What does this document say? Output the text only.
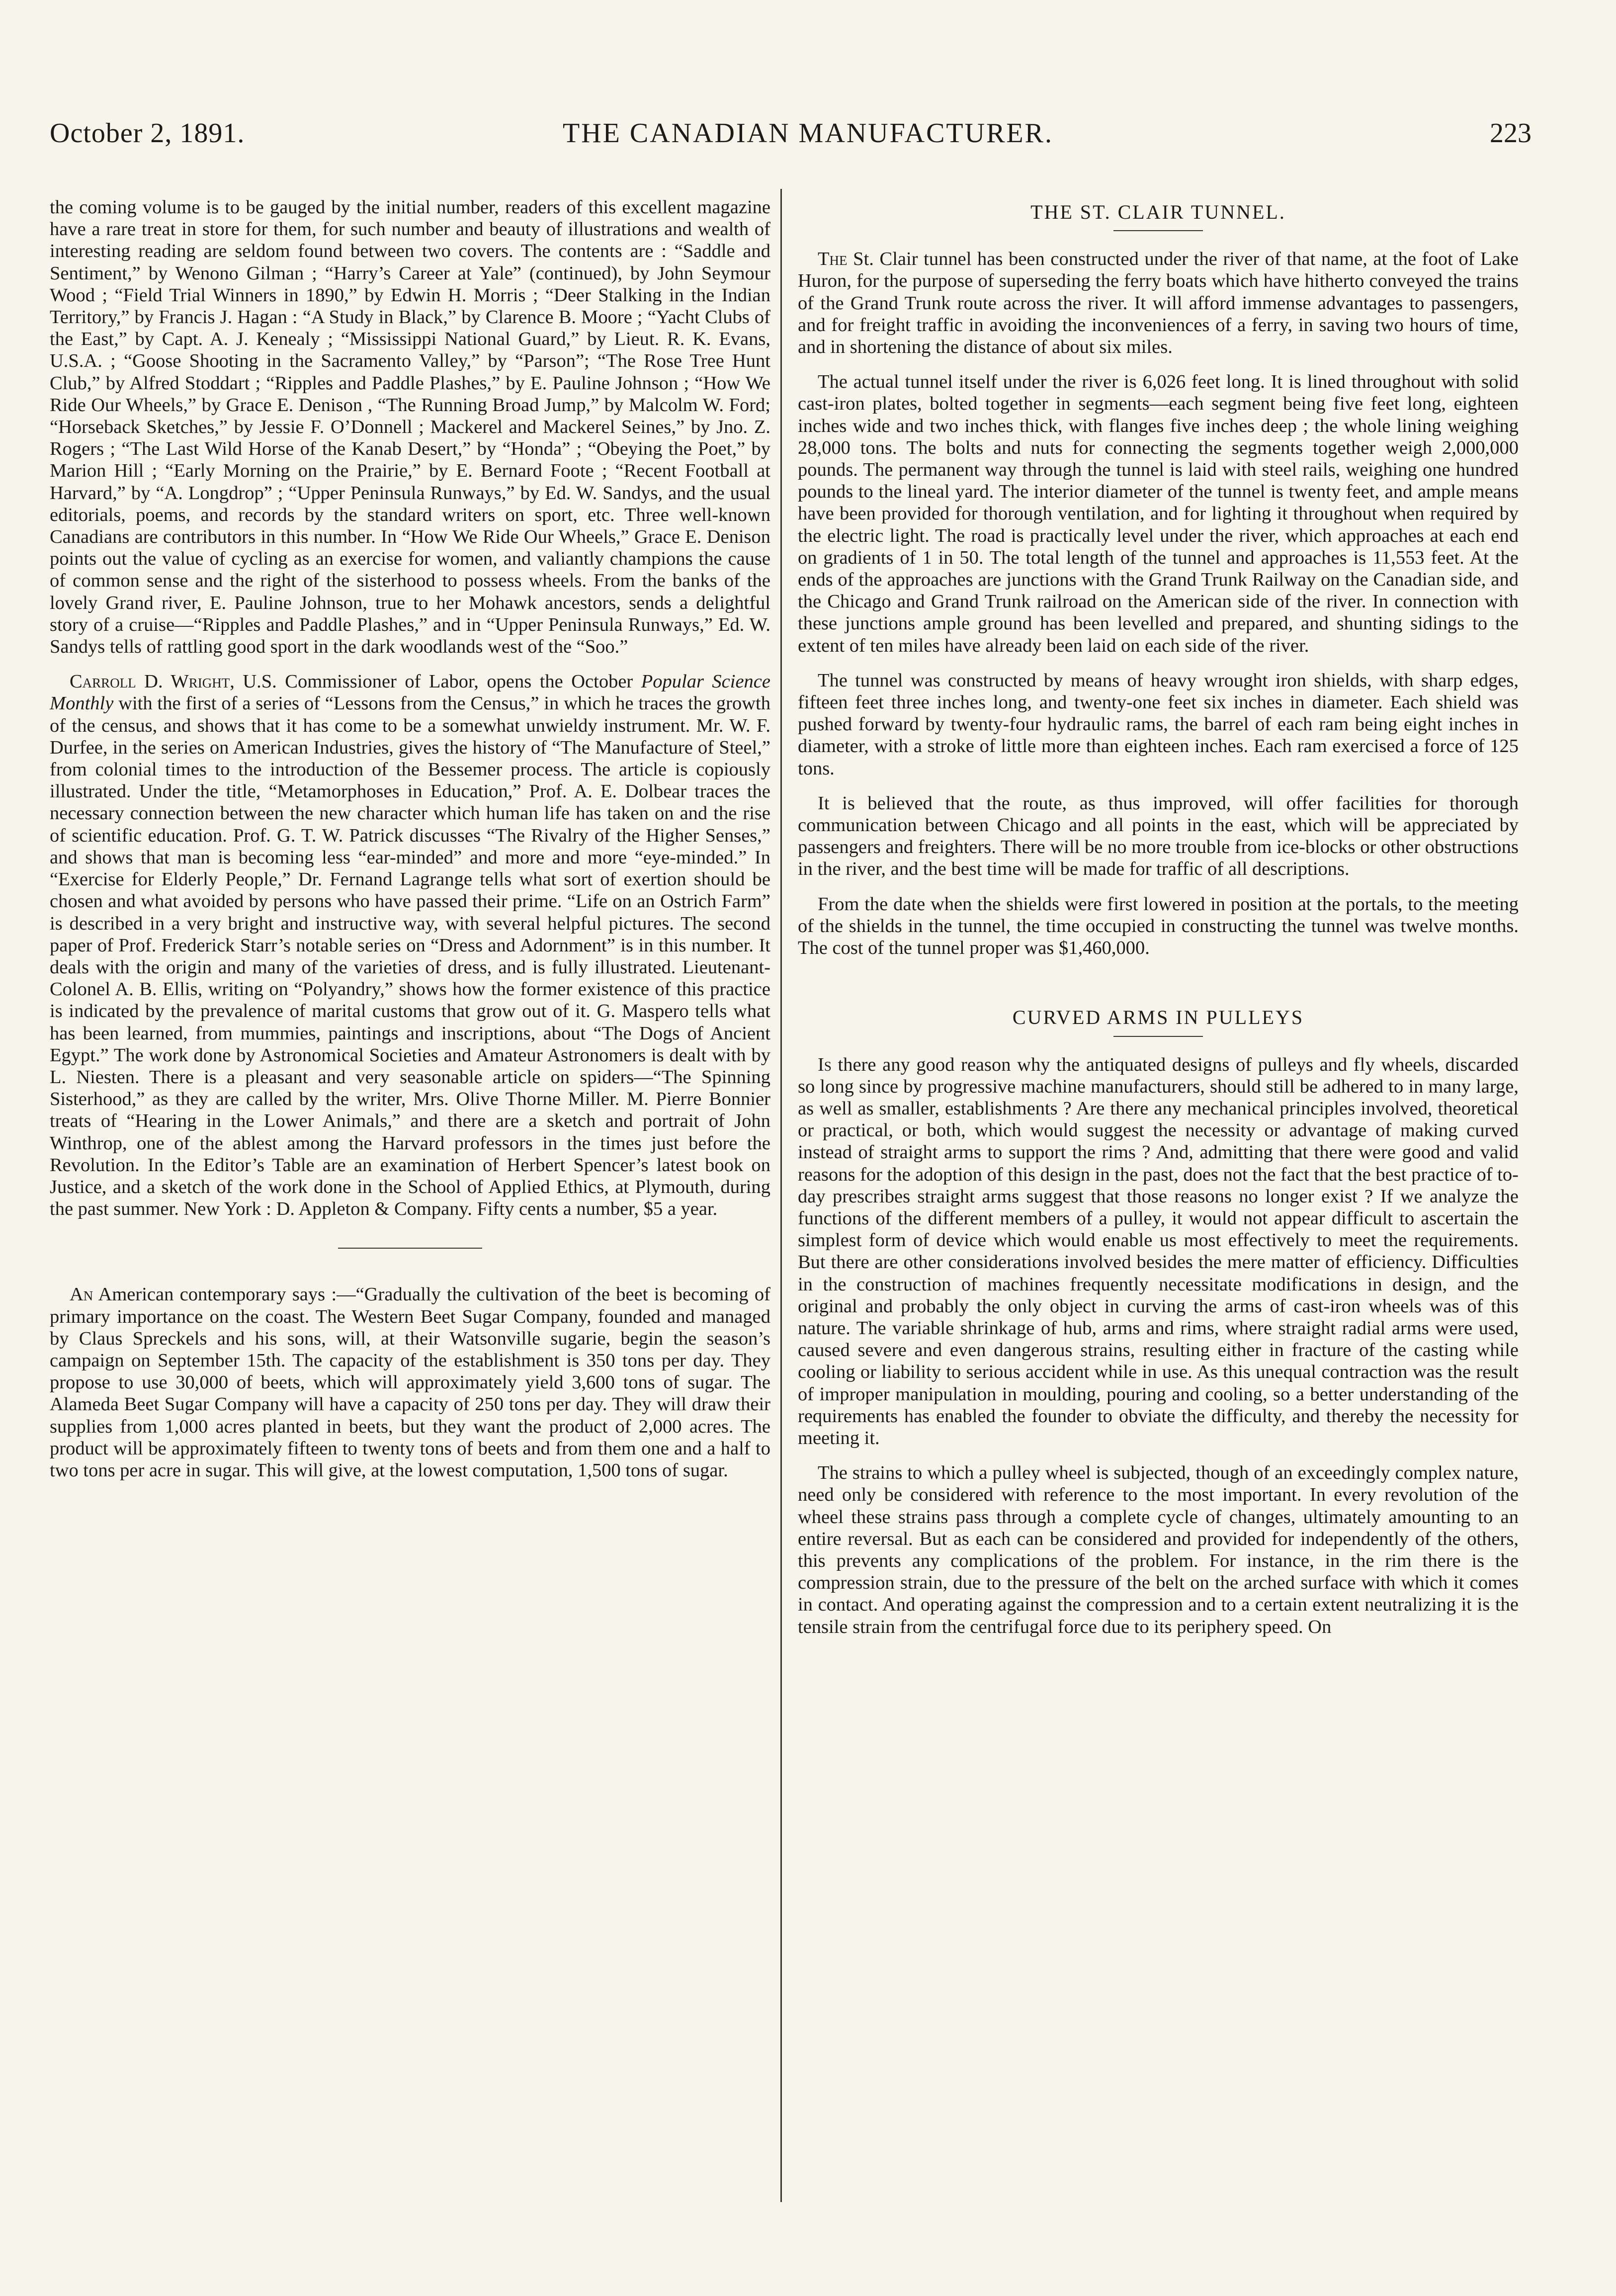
THE CANADIAN MANUFACTURER.
October 2, 1891.	223

the coming volume is to be gauged by the initial number, readers of this excellent magazine have a rare treat in store for them, for such number and beauty of illustrations and wealth of interesting reading are seldom found between two covers. The contents are : “Saddle and Sentiment,” by Wenono Gilman ; “Harry’s Career at Yale” (continued), by John Seymour Wood ; “Field Trial Winners in 1890,” by Edwin H. Morris ; “Deer Stalking in the Indian Territory,” by Francis J. Hagan : “A Study in Black,” by Clarence B. Moore ; “Yacht Clubs of the East,” by Capt. A. J. Kenealy ; “Mississippi National Guard,” by Lieut. R. K. Evans, U.S.A. ; “Goose Shooting in the Sacramento Valley,” by “Parson”; “The Rose Tree Hunt Club,” by Alfred Stoddart ; “Ripples and Paddle Plashes,” by E. Pauline Johnson ; “How We Ride Our Wheels,” by Grace E. Denison , “The Running Broad Jump,” by Malcolm W. Ford; “Horseback Sketches,” by Jessie F. O’Donnell ; Mackerel and Mackerel Seines,” by Jno. Z. Rogers ; “The Last Wild Horse of the Kanab Desert,” by “Honda” ; “Obeying the Poet,” by Marion Hill ; “Early Morning on the Prairie,” by E. Bernard Foote ; “Recent Football at Harvard,” by “A. Longdrop” ; “Upper Peninsula Runways,” by Ed. W. Sandys, and the usual editorials, poems, and records by the standard writers on sport, etc. Three well-known Canadians are contributors in this number. In “How We Ride Our Wheels,” Grace E. Denison points out the value of cycling as an exercise for women, and valiantly champions the cause of common sense and the right of the sisterhood to possess wheels. From the banks of the lovely Grand river, E. Pauline Johnson, true to her Mohawk ancestors, sends a delightful story of a cruise—“Ripples and Paddle Plashes,” and in “Upper Peninsula Runways,” Ed. W. Sandys tells of rattling good sport in the dark woodlands west of the “Soo.”

Carroll D. Wright, U.S. Commissioner of Labor, opens the October Popular Science Monthly with the first of a series of “Lessons from the Census,” in which he traces the growth of the census, and shows that it has come to be a somewhat unwieldy instrument. Mr. W. F. Durfee, in the series on American Industries, gives the history of “The Manufacture of Steel,” from colonial times to the introduction of the Bessemer process. The article is copiously illustrated. Under the title, “Metamorphoses in Education,” Prof. A. E. Dolbear traces the necessary connection between the new character which human life has taken on and the rise of scientific education. Prof. G. T. W. Patrick discusses “The Rivalry of the Higher Senses,” and shows that man is becoming less “ear-minded” and more and more “eye-minded.” In “Exercise for Elderly People,” Dr. Fernand Lagrange tells what sort of exertion should be chosen and what avoided by persons who have passed their prime. “Life on an Ostrich Farm” is described in a very bright and instructive way, with several helpful pictures. The second paper of Prof. Frederick Starr’s notable series on “Dress and Adornment” is in this number. It deals with the origin and many of the varieties of dress, and is fully illustrated. Lieutenant-Colonel A. B. Ellis, writing on “Polyandry,” shows how the former existence of this practice is indicated by the prevalence of marital customs that grow out of it. G. Maspero tells what has been learned, from mummies, paintings and inscriptions, about “The Dogs of Ancient Egypt.” The work done by Astronomical Societies and Amateur Astronomers is dealt with by L. Niesten. There is a pleasant and very seasonable article on spiders—“The Spinning Sisterhood,” as they are called by the writer, Mrs. Olive Thorne Miller. M. Pierre Bonnier treats of “Hearing in the Lower Animals,” and there are a sketch and portrait of John Winthrop, one of the ablest among the Harvard professors in the times just before the Revolution. In the Editor’s Table are an examination of Herbert Spencer’s latest book on Justice, and a sketch of the work done in the School of Applied Ethics, at Plymouth, during the past summer. New York : D. Appleton & Company. Fifty cents a number, $5 a year.

An American contemporary says :—“Gradually the cultivation of the beet is becoming of primary importance on the coast. The Western Beet Sugar Company, founded and managed by Claus Spreckels and his sons, will, at their Watsonville sugarie, begin the season’s campaign on September 15th. The capacity of the establishment is 350 tons per day. They propose to use 30,000 of beets, which will approximately yield 3,600 tons of sugar. The Alameda Beet Sugar Company will have a capacity of 250 tons per day. They will draw their supplies from 1,000 acres planted in beets, but they want the product of 2,000 acres. The product will be approximately fifteen to twenty tons of beets and from them one and a half to two tons per acre in sugar. This will give, at the lowest computation, 1,500 tons of sugar.

THE ST. CLAIR TUNNEL.

The St. Clair tunnel has been constructed under the river of that name, at the foot of Lake Huron, for the purpose of superseding the ferry boats which have hitherto conveyed the trains of the Grand Trunk route across the river. It will afford immense advantages to passengers, and for freight traffic in avoiding the inconveniences of a ferry, in saving two hours of time, and in shortening the distance of about six miles.

The actual tunnel itself under the river is 6,026 feet long. It is lined throughout with solid cast-iron plates, bolted together in segments—each segment being five feet long, eighteen inches wide and two inches thick, with flanges five inches deep ; the whole lining weighing 28,000 tons. The bolts and nuts for connecting the segments together weigh 2,000,000 pounds. The permanent way through the tunnel is laid with steel rails, weighing one hundred pounds to the lineal yard. The interior diameter of the tunnel is twenty feet, and ample means have been provided for thorough ventilation, and for lighting it throughout when required by the electric light. The road is practically level under the river, which approaches at each end on gradients of 1 in 50. The total length of the tunnel and approaches is 11,553 feet. At the ends of the approaches are junctions with the Grand Trunk Railway on the Canadian side, and the Chicago and Grand Trunk railroad on the American side of the river. In connection with these junctions ample ground has been levelled and prepared, and shunting sidings to the extent of ten miles have already been laid on each side of the river.

The tunnel was constructed by means of heavy wrought iron shields, with sharp edges, fifteen feet three inches long, and twenty-one feet six inches in diameter. Each shield was pushed forward by twenty-four hydraulic rams, the barrel of each ram being eight inches in diameter, with a stroke of little more than eighteen inches. Each ram exercised a force of 125 tons.

It is believed that the route, as thus improved, will offer facilities for thorough communication between Chicago and all points in the east, which will be appreciated by passengers and freighters. There will be no more trouble from ice-blocks or other obstructions in the river, and the best time will be made for traffic of all descriptions.

From the date when the shields were first lowered in position at the portals, to the meeting of the shields in the tunnel, the time occupied in constructing the tunnel was twelve months. The cost of the tunnel proper was $1,460,000.

CURVED ARMS IN PULLEYS

Is there any good reason why the antiquated designs of pulleys and fly wheels, discarded so long since by progressive machine manufacturers, should still be adhered to in many large, as well as smaller, establishments ? Are there any mechanical principles involved, theoretical or practical, or both, which would suggest the necessity or advantage of making curved instead of straight arms to support the rims ? And, admitting that there were good and valid reasons for the adoption of this design in the past, does not the fact that the best practice of to-day prescribes straight arms suggest that those reasons no longer exist ? If we analyze the functions of the different members of a pulley, it would not appear difficult to ascertain the simplest form of device which would enable us most effectively to meet the requirements. But there are other considerations involved besides the mere matter of efficiency. Difficulties in the construction of machines frequently necessitate modifications in design, and the original and probably the only object in curving the arms of cast-iron wheels was of this nature. The variable shrinkage of hub, arms and rims, where straight radial arms were used, caused severe and even dangerous strains, resulting either in fracture of the casting while cooling or liability to serious accident while in use. As this unequal contraction was the result of improper manipulation in moulding, pouring and cooling, so a better understanding of the requirements has enabled the founder to obviate the difficulty, and thereby the necessity for meeting it.

The strains to which a pulley wheel is subjected, though of an exceedingly complex nature, need only be considered with reference to the most important. In every revolution of the wheel these strains pass through a complete cycle of changes, ultimately amounting to an entire reversal. But as each can be considered and provided for independently of the others, this prevents any complications of the problem. For instance, in the rim there is the compression strain, due to the pressure of the belt on the arched surface with which it comes in contact. And operating against the compression and to a certain extent neutralizing it is the tensile strain from the centrifugal force due to its periphery speed. On
